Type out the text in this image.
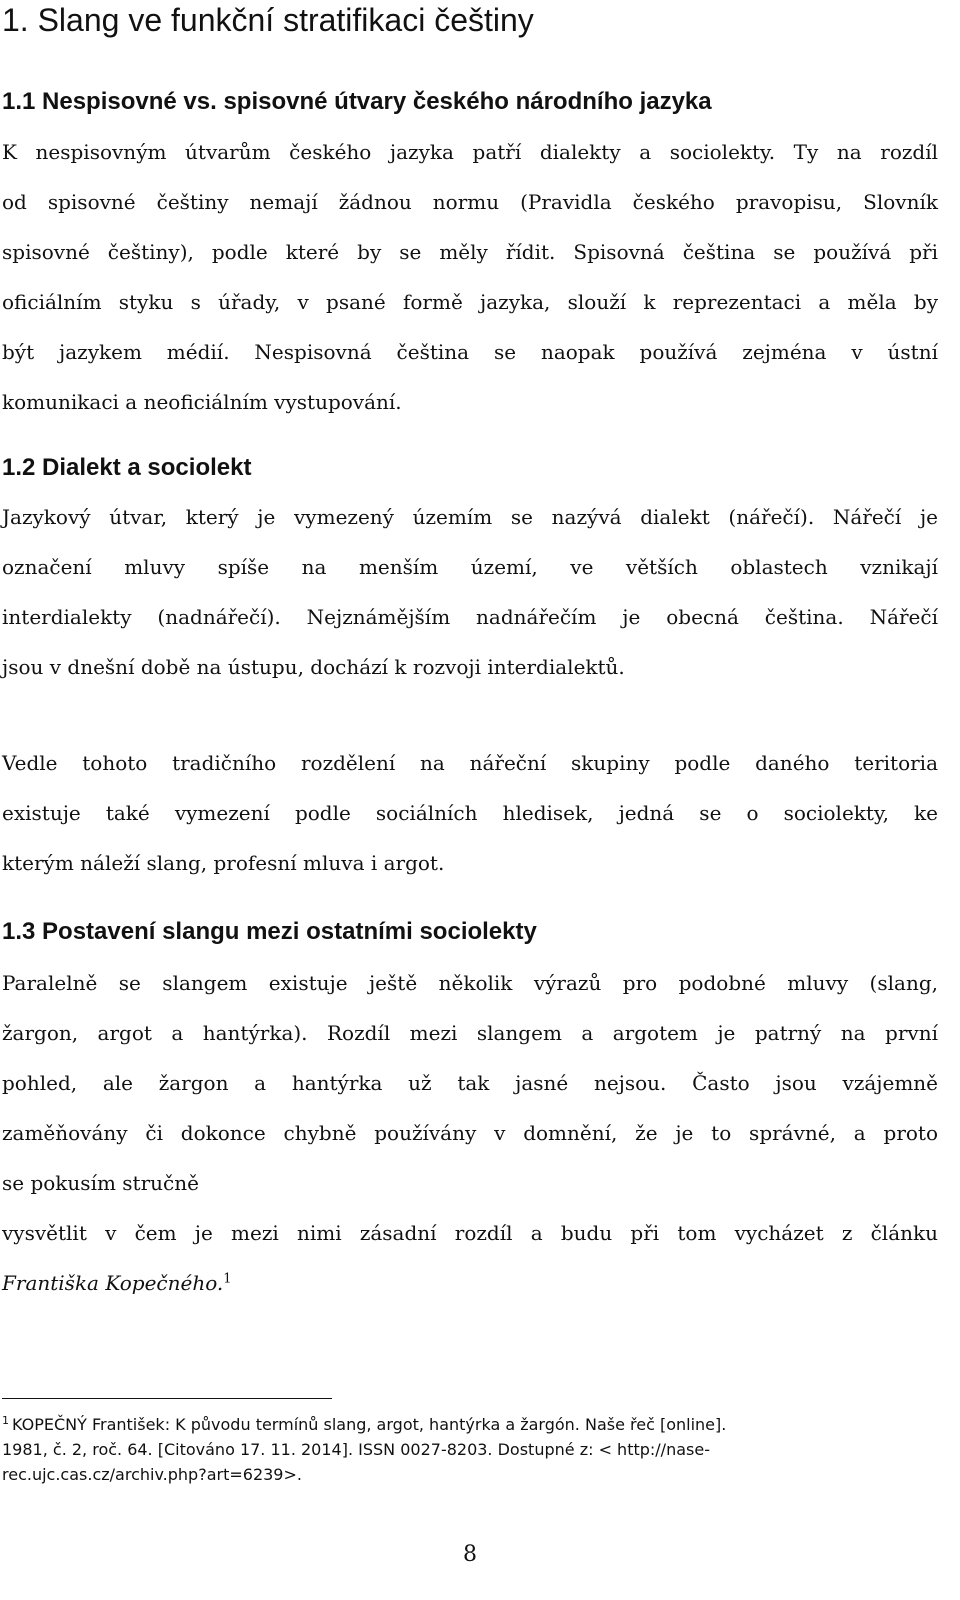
1. Slang ve funkční stratifikaci češtiny
1.1 Nespisovné vs. spisovné útvary českého národního jazyka
K nespisovným útvarům českého jazyka patří dialekty a sociolekty. Ty na rozdíl
od spisovné češtiny nemají žádnou normu (Pravidla českého pravopisu, Slovník
spisovné češtiny), podle které by se měly řídit. Spisovná čeština se používá při
oficiálním styku s úřady, v psané formě jazyka, slouží k reprezentaci a měla by
být jazykem médií. Nespisovná čeština se naopak používá zejména v ústní
komunikaci a neoficiálním vystupování.
1.2 Dialekt a sociolekt
Jazykový útvar, který je vymezený územím se nazývá dialekt (nářečí). Nářečí je
označení mluvy spíše na menším území, ve větších oblastech vznikají
interdialekty (nadnářečí). Nejznámějším nadnářečím je obecná čeština. Nářečí
jsou v dnešní době na ústupu, dochází k rozvoji interdialektů.
Vedle tohoto tradičního rozdělení na nářeční skupiny podle daného teritoria
existuje také vymezení podle sociálních hledisek, jedná se o sociolekty, ke
kterým náleží slang, profesní mluva i argot.
1.3 Postavení slangu mezi ostatními sociolekty
Paralelně se slangem existuje ještě několik výrazů pro podobné mluvy (slang,
žargon, argot a hantýrka). Rozdíl mezi slangem a argotem je patrný na první
pohled, ale žargon a hantýrka už tak jasné nejsou. Často jsou vzájemně
zaměňovány či dokonce chybně používány v domnění, že je to správné, a proto
se pokusím stručně
vysvětlit v čem je mezi nimi zásadní rozdíl a budu při tom vycházet z článku
Františka Kopečného.$^1$
$^1$ KOPEČNÝ František: K původu termínů slang, argot, hantýrka a žargón. Naše řeč [online].
1981, č. 2, roč. 64. [Citováno 17. 11. 2014]. ISSN 0027-8203. Dostupné z: < http://nase-
rec.ujc.cas.cz/archiv.php?art=6239>.
8
